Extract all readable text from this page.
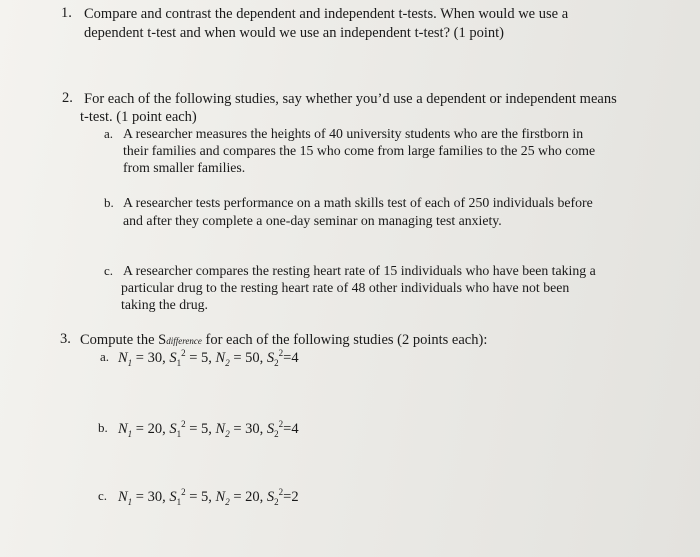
1. Compare and contrast the dependent and independent t-tests. When would we use a
dependent t-test and when would we use an independent t-test? (1 point)
2. For each of the following studies, say whether you’d use a dependent or independent means
t-test. (1 point each)
a. A researcher measures the heights of 40 university students who are the firstborn in
their families and compares the 15 who come from large families to the 25 who come
from smaller families.
b. A researcher tests performance on a math skills test of each of 250 individuals before
and after they complete a one-day seminar on managing test anxiety.
c. A researcher compares the resting heart rate of 15 individuals who have been taking a
particular drug to the resting heart rate of 48 other individuals who have not been
taking the drug.
3. Compute the Sdifference for each of the following studies (2 points each):
a. $N_1 = 30$, $S_1^2 = 5$, $N_2 = 50$, $S_2^2=4$
b. $N_1 = 20$, $S_1^2 = 5$, $N_2 = 30$, $S_2^2=4$
c. $N_1 = 30$, $S_1^2 = 5$, $N_2 = 20$, $S_2^2=2$
